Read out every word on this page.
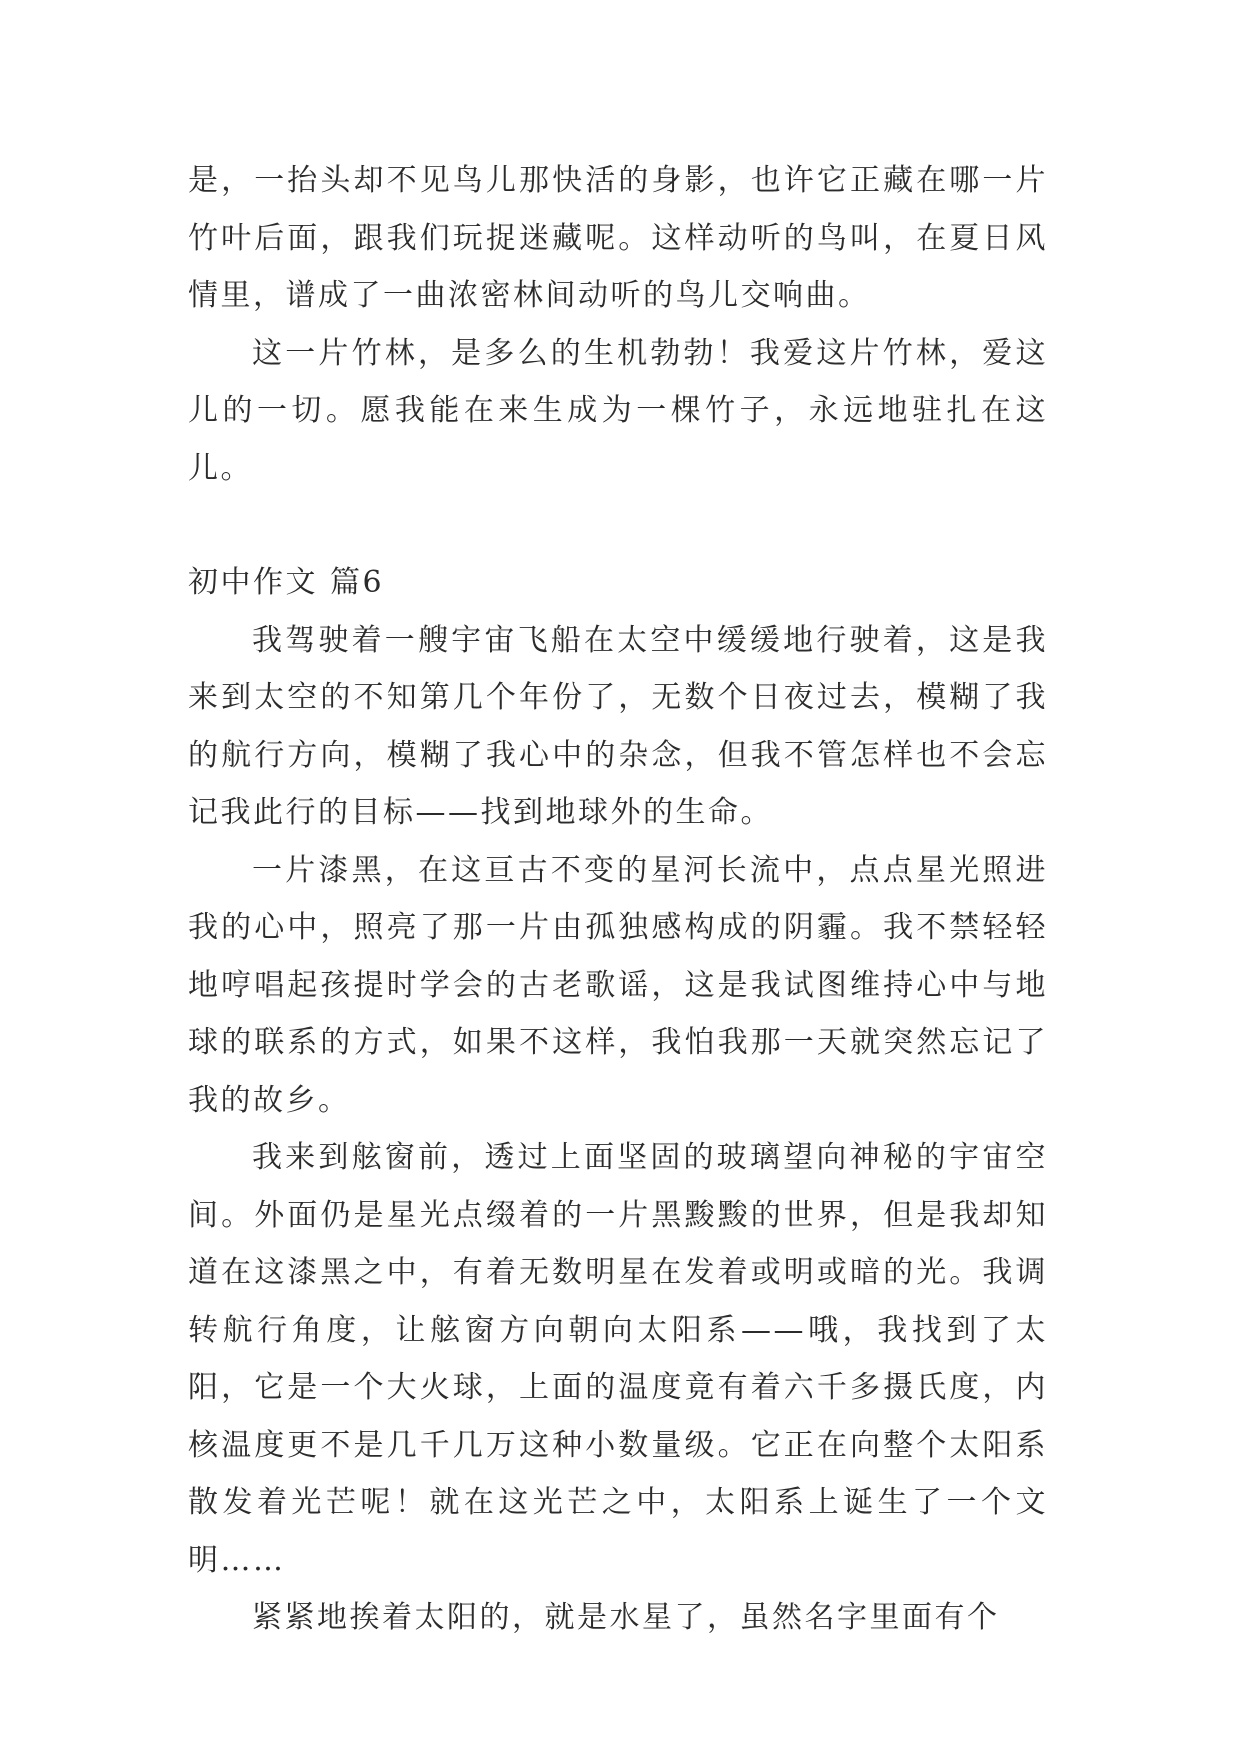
是，一抬头却不见鸟儿那快活的身影，也许它正藏在哪一片竹叶后面，跟我们玩捉迷藏呢。这样动听的鸟叫，在夏日风情里，谱成了一曲浓密林间动听的鸟儿交响曲。

这一片竹林，是多么的生机勃勃！我爱这片竹林，爱这儿的一切。愿我能在来生成为一棵竹子，永远地驻扎在这儿。

初中作文 篇6

我驾驶着一艘宇宙飞船在太空中缓缓地行驶着，这是我来到太空的不知第几个年份了，无数个日夜过去，模糊了我的航行方向，模糊了我心中的杂念，但我不管怎样也不会忘记我此行的目标——找到地球外的生命。

一片漆黑，在这亘古不变的星河长流中，点点星光照进我的心中，照亮了那一片由孤独感构成的阴霾。我不禁轻轻地哼唱起孩提时学会的古老歌谣，这是我试图维持心中与地球的联系的方式，如果不这样，我怕我那一天就突然忘记了我的故乡。

我来到舷窗前，透过上面坚固的玻璃望向神秘的宇宙空间。外面仍是星光点缀着的一片黑黢黢的世界，但是我却知道在这漆黑之中，有着无数明星在发着或明或暗的光。我调转航行角度，让舷窗方向朝向太阳系——哦，我找到了太阳，它是一个大火球，上面的温度竟有着六千多摄氏度，内核温度更不是几千几万这种小数量级。它正在向整个太阳系散发着光芒呢！就在这光芒之中，太阳系上诞生了一个文明……

紧紧地挨着太阳的，就是水星了，虽然名字里面有个
